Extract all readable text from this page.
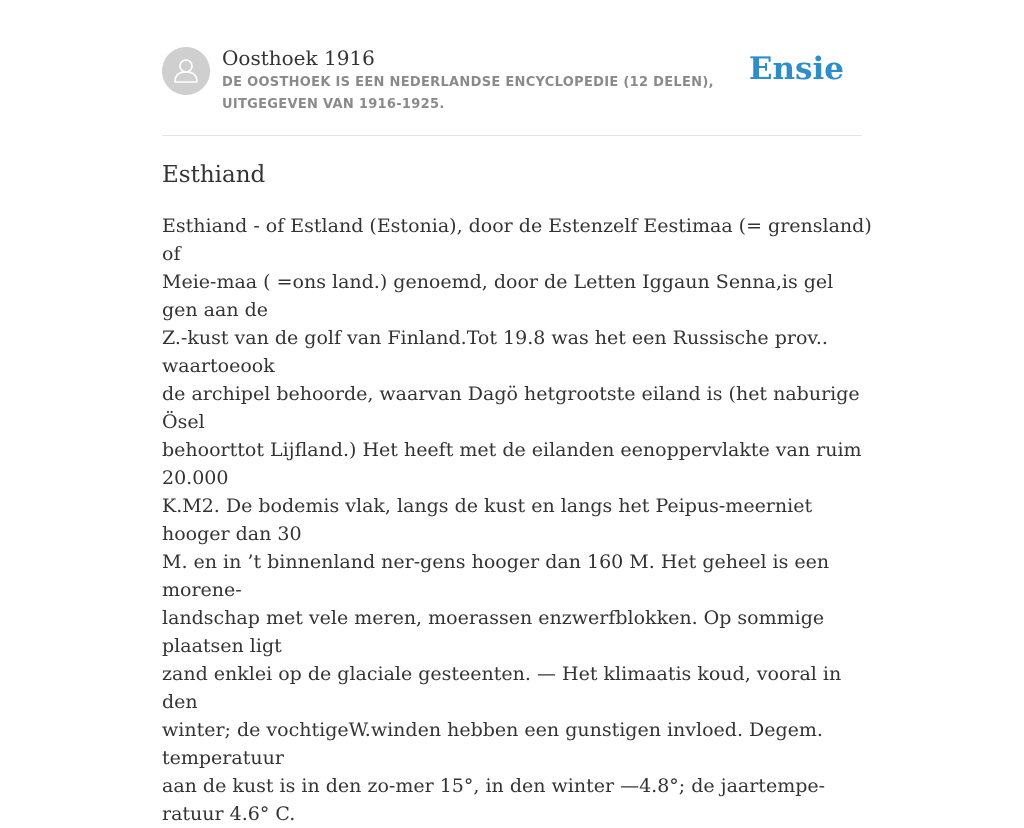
Oosthoek 1916
DE OOSTHOEK IS EEN NEDERLANDSE ENCYCLOPEDIE (12 DELEN), UITGEGEVEN VAN 1916-1925.
Ensie
Esthiand

Esthiand - of Estland (Estonia), door de Estenzelf Eestimaa (= grensland) of
Meie-maa ( =ons land.) genoemd, door de Letten Iggaun Senna,is gel gen aan de
Z.-kust van de golf van Finland.Tot 19.8 was het een Russische prov.. waartoeook
de archipel behoorde, waarvan Dagö hetgrootste eiland is (het naburige Ösel
behoorttot Lijfland.) Het heeft met de eilanden eenoppervlakte van ruim 20.000
K.M2. De bodemis vlak, langs de kust en langs het Peipus-meerniet hooger dan 30
M. en in ’t binnenland ner-gens hooger dan 160 M. Het geheel is een morene-
landschap met vele meren, moerassen enzwerfblokken. Op sommige plaatsen ligt
zand enklei op de glaciale gesteenten. — Het klimaatis koud, vooral in den
winter; de vochtigeW.winden hebben een gunstigen invloed. Degem. temperatuur
aan de kust is in den zo-mer 15°, in den winter —4.8°; de jaartempe-ratuur 4.6° C.
